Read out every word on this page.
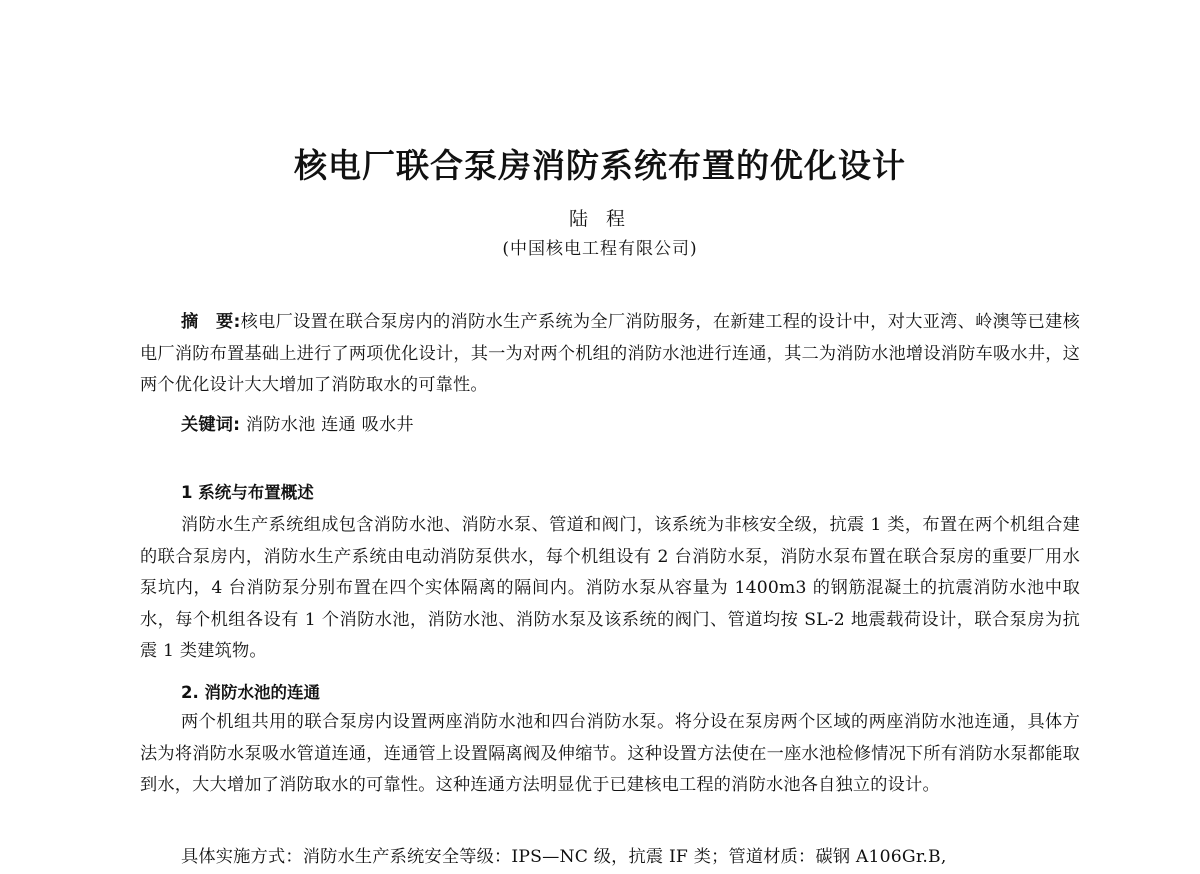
核电厂联合泵房消防系统布置的优化设计
陆 程
(中国核电工程有限公司)

摘　要:核电厂设置在联合泵房内的消防水生产系统为全厂消防服务，在新建工程的设计中，对大亚湾、岭澳等已建核电厂消防布置基础上进行了两项优化设计，其一为对两个机组的消防水池进行连通，其二为消防水池增设消防车吸水井，这两个优化设计大大增加了消防取水的可靠性。

关键词: 消防水池 连通 吸水井

1 系统与布置概述

消防水生产系统组成包含消防水池、消防水泵、管道和阀门，该系统为非核安全级，抗震 1 类，布置在两个机组合建的联合泵房内，消防水生产系统由电动消防泵供水，每个机组设有 2 台消防水泵，消防水泵布置在联合泵房的重要厂用水泵坑内，4 台消防泵分别布置在四个实体隔离的隔间内。消防水泵从容量为 1400m3 的钢筋混凝土的抗震消防水池中取水，每个机组各设有 1 个消防水池，消防水池、消防水泵及该系统的阀门、管道均按 SL-2 地震载荷设计，联合泵房为抗震 1 类建筑物。

2. 消防水池的连通

两个机组共用的联合泵房内设置两座消防水池和四台消防水泵。将分设在泵房两个区域的两座消防水池连通，具体方法为将消防水泵吸水管道连通，连通管上设置隔离阀及伸缩节。这种设置方法使在一座水池检修情况下所有消防水泵都能取到水，大大增加了消防取水的可靠性。这种连通方法明显优于已建核电工程的消防水池各自独立的设计。

具体实施方式：消防水生产系统安全等级：IPS—NC 级，抗震 IF 类；管道材质：碳钢 A106Gr.B,
